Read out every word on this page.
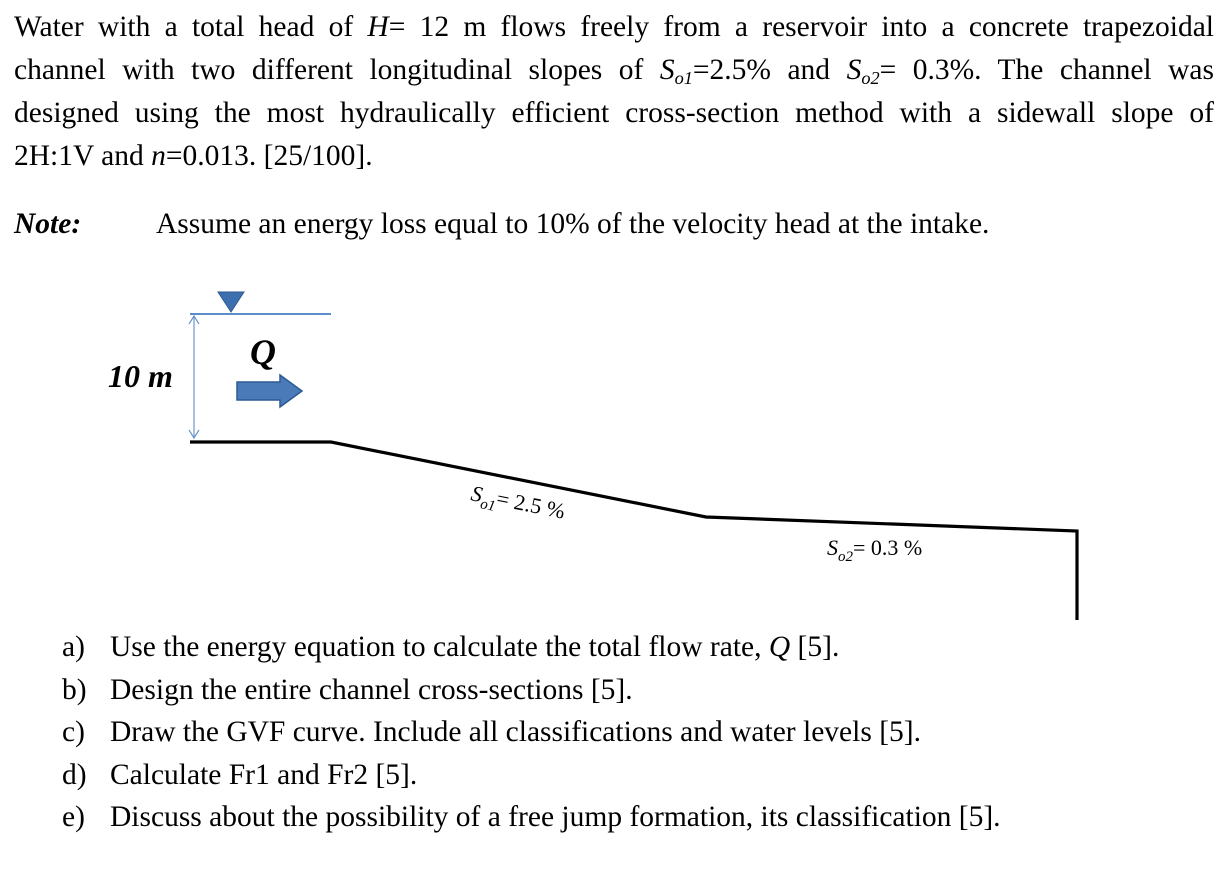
Water with a total head of H= 12 m flows freely from a reservoir into a concrete trapezoidal
channel with two different longitudinal slopes of $S_{o1}=2.5\%$ and $S_{o2}= 0.3\%$. The channel was
designed using the most hydraulically efficient cross-section method with a sidewall slope of
2H:1V and n=0.013. [25/100].
Note:	Assume an energy loss equal to 10% of the velocity head at the intake.
10 m
Q
$S_{o1}= 2.5$ %
$S_{o2}= 0.3$ %
a) Use the energy equation to calculate the total flow rate, Q [5].
b) Design the entire channel cross-sections [5].
c) Draw the GVF curve. Include all classifications and water levels [5].
d) Calculate Fr1 and Fr2 [5].
e) Discuss about the possibility of a free jump formation, its classification [5].
